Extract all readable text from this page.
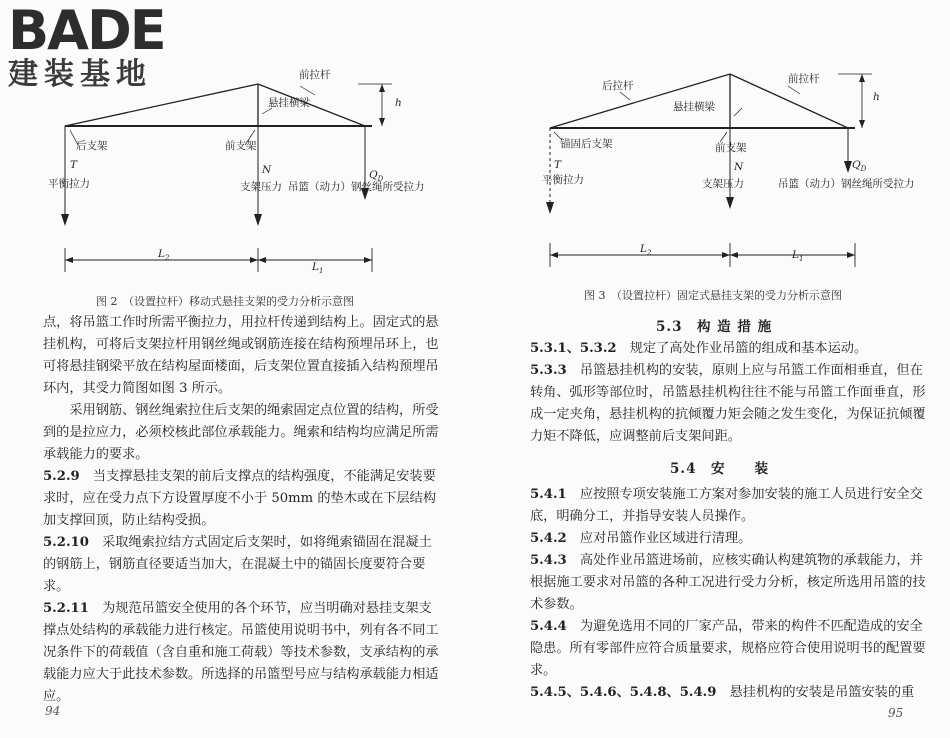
前拉杆
悬挂横梁	h
后支架	前支架
T	N	$Q_D$
平衡拉力	支架压力 吊篮（动力）钢丝绳所受拉力
$L_2$
$L_1$
BADE
建装基地
图 2　（设置拉杆）移动式悬挂支架的受力分析示意图

点，将吊篮工作时所需平衡拉力，用拉杆传递到结构上。固定式的悬挂机构，可将后支架拉杆用钢丝绳或钢筋连接在结构预埋吊环上，也可将悬挂钢梁平放在结构屋面楼面，后支架位置直接插入结构预埋吊环内，其受力简图如图 3 所示。

　　采用钢筋、钢丝绳索拉住后支架的绳索固定点位置的结构，所受到的是拉应力，必须校核此部位承载能力。绳索和结构均应满足所需承载能力的要求。

5.2.9　当支撑悬挂支架的前后支撑点的结构强度，不能满足安装要求时，应在受力点下方设置厚度不小于 50mm 的垫木或在下层结构加支撑回顶，防止结构受损。

5.2.10　采取绳索拉结方式固定后支架时，如将绳索锚固在混凝土的钢筋上，钢筋直径要适当加大，在混凝土中的锚固长度要符合要求。

5.2.11　为规范吊篮安全使用的各个环节，应当明确对悬挂支架支撑点处结构的承载能力进行核定。吊篮使用说明书中，列有各不同工况条件下的荷载值（含自重和施工荷载）等技术参数，支承结构的承载能力应大于此技术参数。所选择的吊篮型号应与结构承载能力相适应。

94
后拉杆
前拉杆
悬挂横梁
h
锚固后支架	前支架
T	N	$Q_D$
平衡拉力	支架压力	吊篮（动力）钢丝绳所受拉力
$L_2$	$L_1$
图 3　（设置拉杆）固定式悬挂支架的受力分析示意图
5.3　构 造 措 施

5.3.1、5.3.2　规定了高处作业吊篮的组成和基本运动。

5.3.3　吊篮悬挂机构的安装，原则上应与吊篮工作面相垂直，但在转角、弧形等部位时，吊篮悬挂机构往往不能与吊篮工作面垂直，形成一定夹角，悬挂机构的抗倾覆力矩会随之发生变化，为保证抗倾覆力矩不降低，应调整前后支架间距。

5.4　安　　装

5.4.1　应按照专项安装施工方案对参加安装的施工人员进行安全交底，明确分工，并指导安装人员操作。

5.4.2　应对吊篮作业区域进行清理。

5.4.3　高处作业吊篮进场前，应核实确认构建筑物的承载能力，并根据施工要求对吊篮的各种工况进行受力分析，核定所选用吊篮的技术参数。

5.4.4　为避免选用不同的厂家产品，带来的构件不匹配造成的安全隐患。所有零部件应符合质量要求，规格应符合使用说明书的配置要求。

5.4.5、5.4.6、5.4.8、5.4.9　悬挂机构的安装是吊篮安装的重

95
